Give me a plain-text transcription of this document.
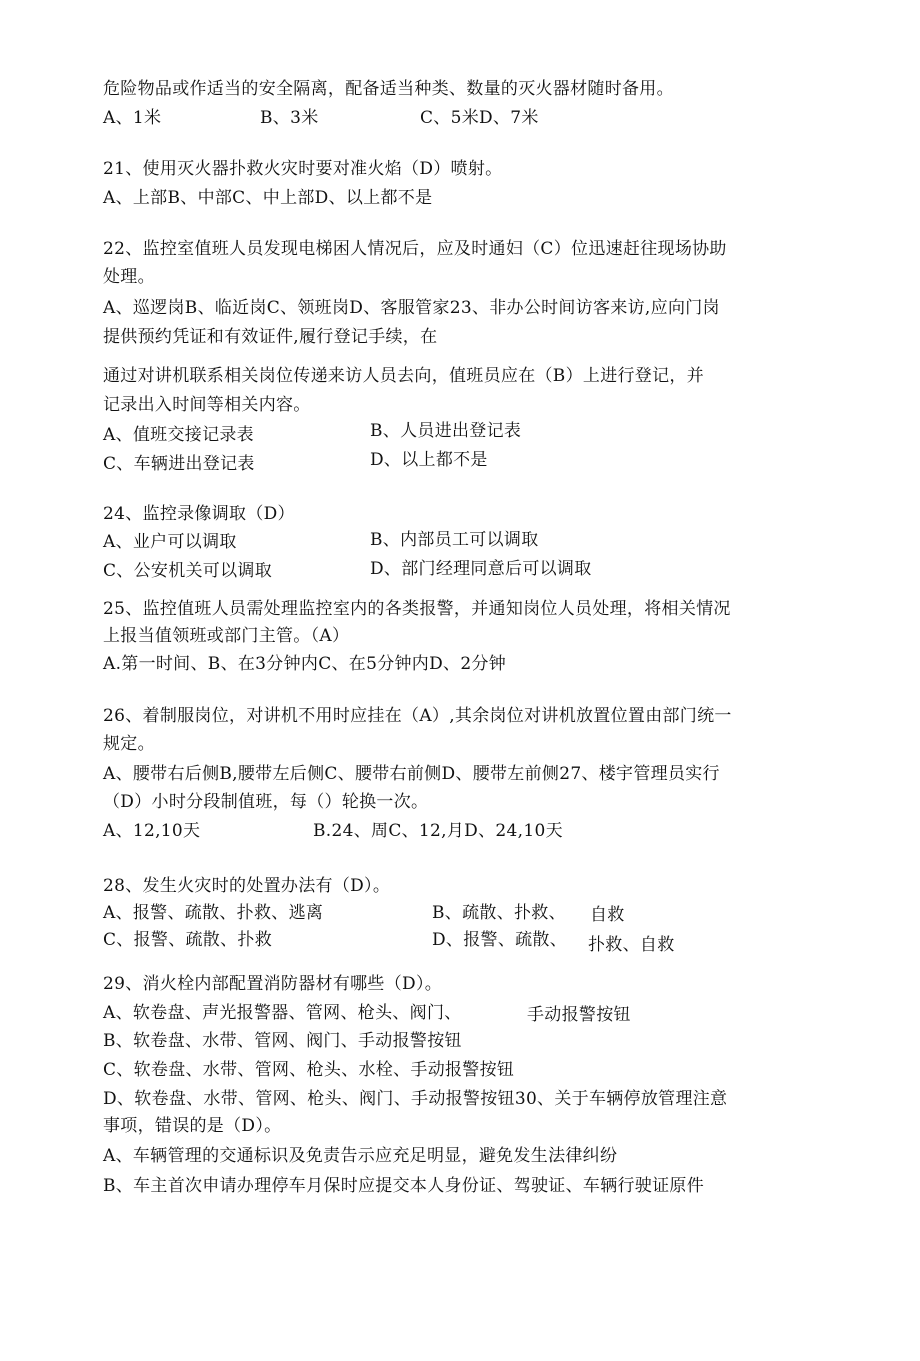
危险物品或作适当的安全隔离，配备适当种类、数量的灭火器材随时备用。
A、1米	B、3米	C、5米D、7米
21、使用灭火器扑救火灾时要对准火焰（D）喷射。
A、上部B、中部C、中上部D、以上都不是
22、监控室值班人员发现电梯困人情况后，应及时通妇（C）位迅速赶往现场协助
处理。
A、巡逻岗B、临近岗C、领班岗D、客服管家23、非办公时间访客来访,应向门岗
提供预约凭证和有效证件,履行登记手续，在
通过对讲机联系相关岗位传递来访人员去向，值班员应在（B）上进行登记，并
记录出入时间等相关内容。
A、值班交接记录表	B、人员进出登记表
C、车辆进出登记表	D、以上都不是
24、监控录像调取（D）
A、业户可以调取	B、内部员工可以调取
C、公安机关可以调取	D、部门经理同意后可以调取
25、监控值班人员需处理监控室内的各类报警，并通知岗位人员处理，将相关情况
上报当值领班或部门主管。（A）
A.第一时间、B、在3分钟内C、在5分钟内D、2分钟
26、着制服岗位，对讲机不用时应挂在（A）,其余岗位对讲机放置位置由部门统一
规定。
A、腰带右后侧B,腰带左后侧C、腰带右前侧D、腰带左前侧27、楼宇管理员实行
（D）小时分段制值班，每（）轮换一次。
A、12,10天	B.24、周C、12,月D、24,10天
28、发生火灾时的处置办法有（D）。
A、报警、疏散、扑救、逃离	B、疏散、扑救、 自救
C、报警、疏散、扑救	D、报警、疏散、 扑救、自救
29、消火栓内部配置消防器材有哪些（D）。
A、软卷盘、声光报警器、管网、枪头、阀门、	手动报警按钮
B、软卷盘、水带、管网、阀门、手动报警按钮
C、软卷盘、水带、管网、枪头、水栓、手动报警按钮
D、软卷盘、水带、管网、枪头、阀门、手动报警按钮30、关于车辆停放管理注意
事项，错误的是（D）。
A、车辆管理的交通标识及免责告示应充足明显，避免发生法律纠纷
B、车主首次申请办理停车月保时应提交本人身份证、驾驶证、车辆行驶证原件
